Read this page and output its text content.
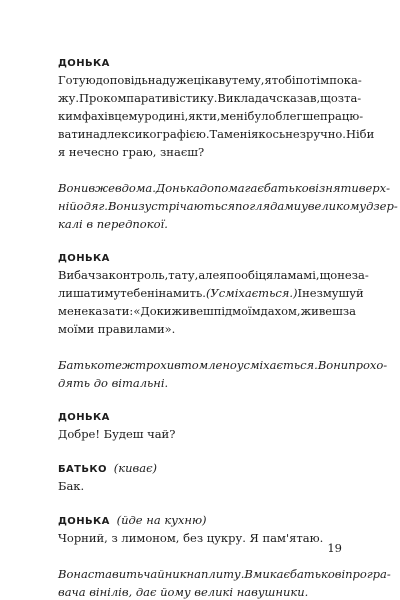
ДОНЬКА

Готую доповідь на дуже цікаву тему, я тобі потім пока-

жу. Про компаративістику. Викладач сказав, що з та-

ким фахівцем у родині, як ти, мені було б легше працю-

вати над лексикографією. Та мені якось незручно. Ніби

я нечесно граю, знаєш?

Вони вже вдома. Донька допомагає батькові зняти верх-

ній одяг. Вони зустрічаються поглядами у великому дзер-

калі в передпокої.

ДОНЬКА

Вибач за контроль, тату, але я пообіцяла мамі, що не за-

лишатиму тебе ні на мить. (Усміхається.) І не змушуй

мене казати: «Доки живеш під моїм дахом, живеш за

моїми правилами».

Батько теж трохи втомлено усміхається. Вони прохо-

дять до вітальні.

ДОНЬКА

Добре! Будеш чай?

БАТЬКО (киває)

Бак.

ДОНЬКА (йде на кухню)

Чорний, з лимоном, без цукру. Я пам'ятаю.

Вона ставить чайник на плиту. Вмикає батькові програ-

вача вінілів, дає йому великі навушники.

19
